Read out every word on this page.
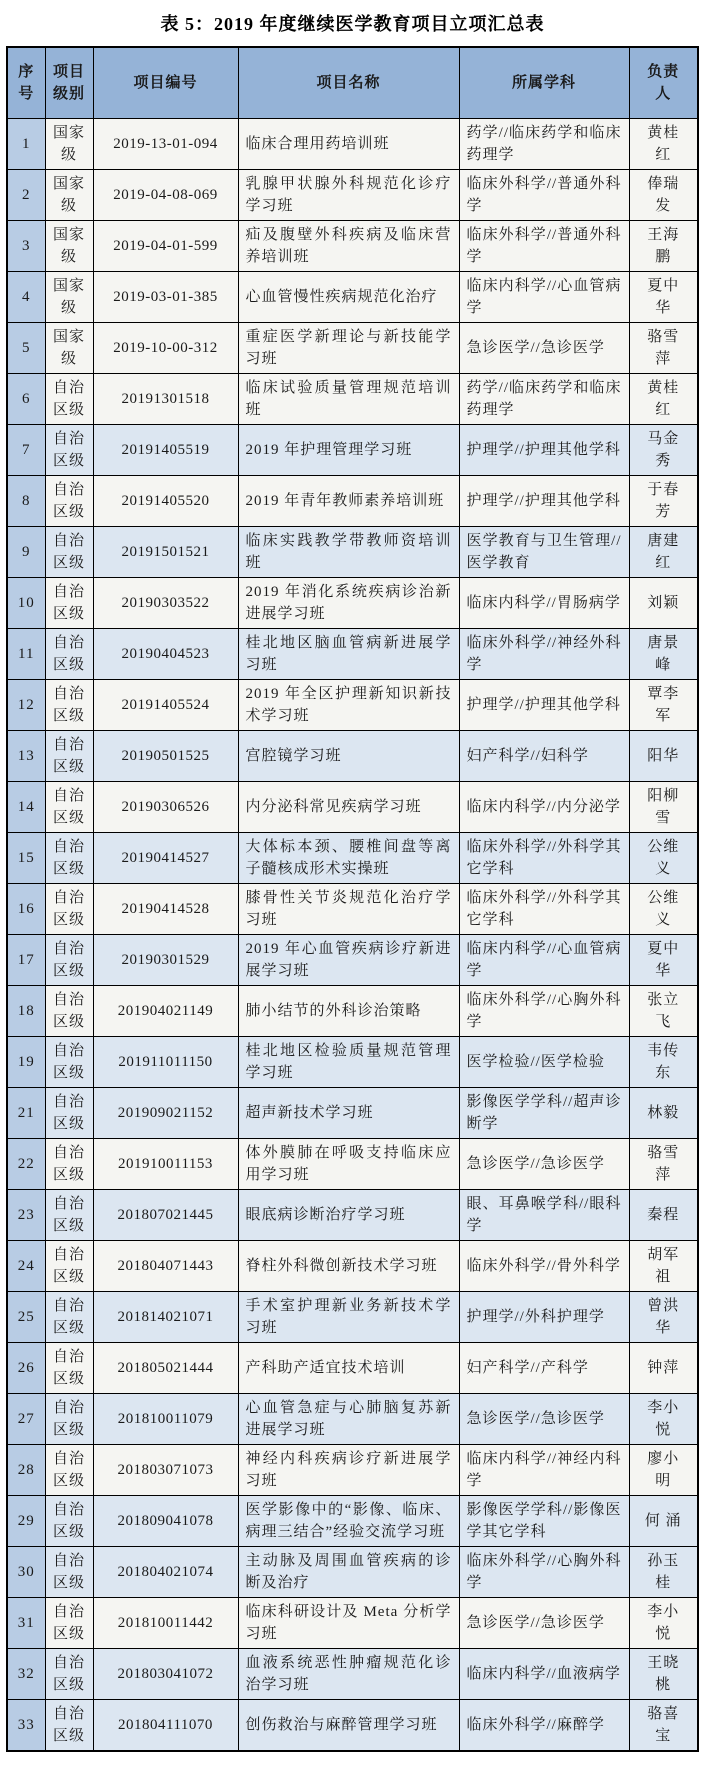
表 5：2019 年度继续医学教育项目立项汇总表
序号	项目级别	项目编号	项目名称	所属学科	负责人
1	国家级	2019-13-01-094	临床合理用药培训班	药学//临床药学和临床药理学	黄桂红
2	国家级	2019-04-08-069	乳腺甲状腺外科规范化诊疗学习班	临床外科学//普通外科学	俸瑞发
3	国家级	2019-04-01-599	疝及腹壁外科疾病及临床营养培训班	临床外科学//普通外科学	王海鹏
4	国家级	2019-03-01-385	心血管慢性疾病规范化治疗	临床内科学//心血管病学	夏中华
5	国家级	2019-10-00-312	重症医学新理论与新技能学习班	急诊医学//急诊医学	骆雪萍
6	自治区级	20191301518	临床试验质量管理规范培训班	药学//临床药学和临床药理学	黄桂红
7	自治区级	20191405519	2019 年护理管理学习班	护理学//护理其他学科	马金秀
8	自治区级	20191405520	2019 年青年教师素养培训班	护理学//护理其他学科	于春芳
9	自治区级	20191501521	临床实践教学带教师资培训班	医学教育与卫生管理//医学教育	唐建红
10	自治区级	20190303522	2019 年消化系统疾病诊治新进展学习班	临床内科学//胃肠病学	刘颖
11	自治区级	20190404523	桂北地区脑血管病新进展学习班	临床外科学//神经外科学	唐景峰
12	自治区级	20191405524	2019 年全区护理新知识新技术学习班	护理学//护理其他学科	覃李军
13	自治区级	20190501525	宫腔镜学习班	妇产科学//妇科学	阳华
14	自治区级	20190306526	内分泌科常见疾病学习班	临床内科学//内分泌学	阳柳雪
15	自治区级	20190414527	大体标本颈、腰椎间盘等离子髓核成形术实操班	临床外科学//外科学其它学科	公维义
16	自治区级	20190414528	膝骨性关节炎规范化治疗学习班	临床外科学//外科学其它学科	公维义
17	自治区级	20190301529	2019 年心血管疾病诊疗新进展学习班	临床内科学//心血管病学	夏中华
18	自治区级	201904021149	肺小结节的外科诊治策略	临床外科学//心胸外科学	张立飞
19	自治区级	201911011150	桂北地区检验质量规范管理学习班	医学检验//医学检验	韦传东
21	自治区级	201909021152	超声新技术学习班	影像医学学科//超声诊断学	林毅
22	自治区级	201910011153	体外膜肺在呼吸支持临床应用学习班	急诊医学//急诊医学	骆雪萍
23	自治区级	201807021445	眼底病诊断治疗学习班	眼、耳鼻喉学科//眼科学	秦程
24	自治区级	201804071443	脊柱外科微创新技术学习班	临床外科学//骨外科学	胡军祖
25	自治区级	201814021071	手术室护理新业务新技术学习班	护理学//外科护理学	曾洪华
26	自治区级	201805021444	产科助产适宜技术培训	妇产科学//产科学	钟萍
27	自治区级	201810011079	心血管急症与心肺脑复苏新进展学习班	急诊医学//急诊医学	李小悦
28	自治区级	201803071073	神经内科疾病诊疗新进展学习班	临床内科学//神经内科学	廖小明
29	自治区级	201809041078	医学影像中的“影像、临床、病理三结合”经验交流学习班	影像医学学科//影像医学其它学科	何 涌
30	自治区级	201804021074	主动脉及周围血管疾病的诊断及治疗	临床外科学//心胸外科学	孙玉桂
31	自治区级	201810011442	临床科研设计及 Meta 分析学习班	急诊医学//急诊医学	李小悦
32	自治区级	201803041072	血液系统恶性肿瘤规范化诊治学习班	临床内科学//血液病学	王晓桃
33	自治区级	201804111070	创伤救治与麻醉管理学习班	临床外科学//麻醉学	骆喜宝
